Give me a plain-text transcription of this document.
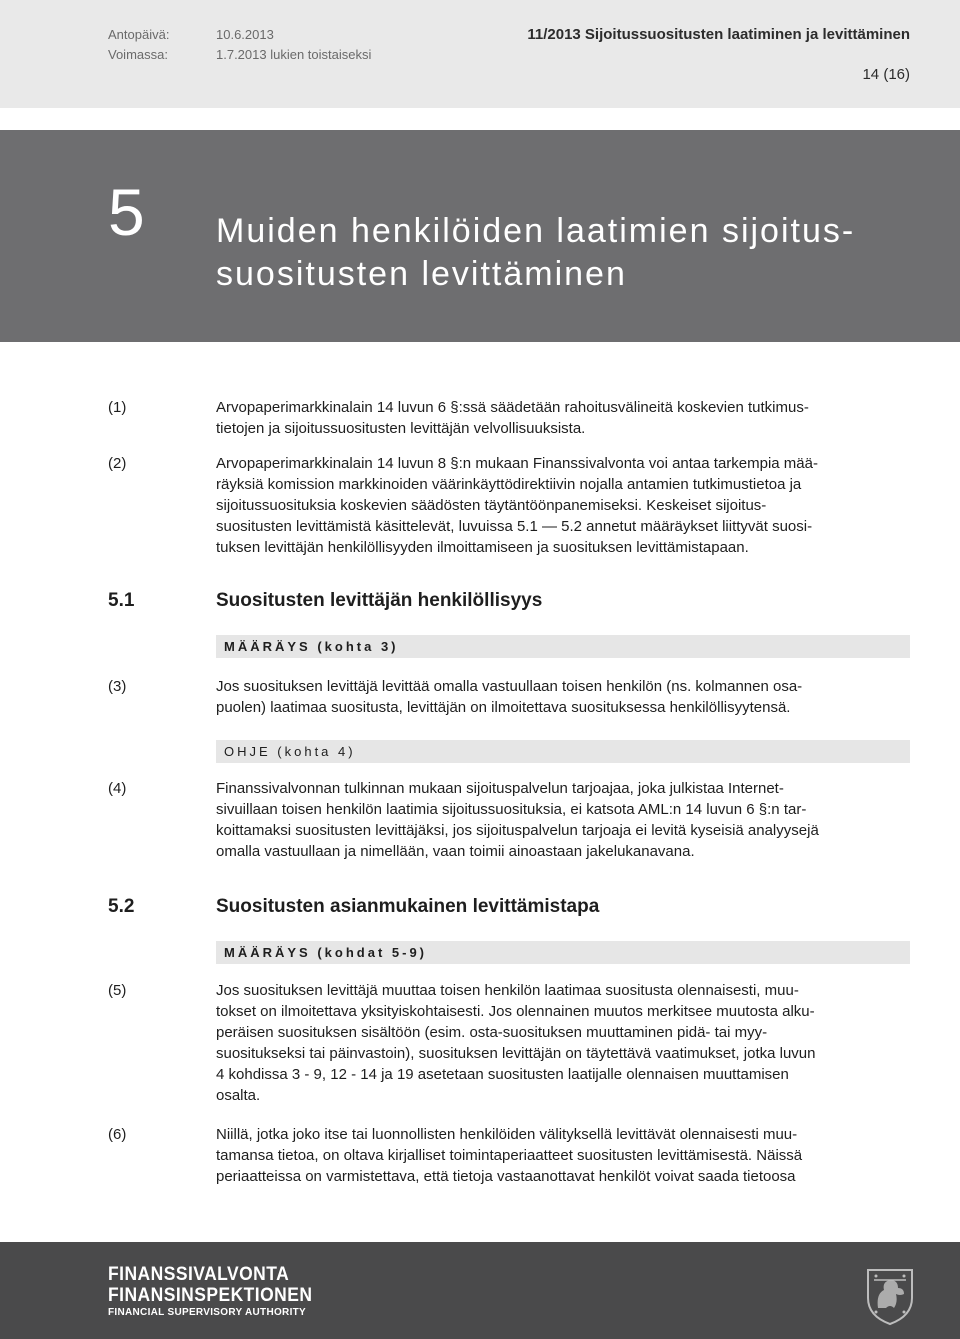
Antopäivä:	10.6.2013
Voimassa:	1.7.2013 lukien toistaiseksi
11/2013 Sijoitussuositusten laatiminen ja levittäminen
14 (16)
5 Muiden henkilöiden laatimien sijoitus-
suositusten levittäminen
(1)	Arvopaperimarkkinalain 14 luvun 6 §:ssä säädetään rahoitusvälineitä koskevien tutkimus-
tietojen ja sijoitussuositusten levittäjän velvollisuuksista.
(2)	Arvopaperimarkkinalain 14 luvun 8 §:n mukaan Finanssivalvonta voi antaa tarkempia mää-
räyksiä komission markkinoiden väärinkäyttödirektiivin nojalla antamien tutkimustietoa ja
sijoitussuosituksia koskevien säädösten täytäntöönpanemiseksi. Keskeiset sijoitus-
suositusten levittämistä käsittelevät, luvuissa 5.1 — 5.2 annetut määräykset liittyvät suosi-
tuksen levittäjän henkilöllisyyden ilmoittamiseen ja suosituksen levittämistapaan.
5.1	Suositusten levittäjän henkilöllisyys
MÄÄRÄYS (kohta 3)
(3)	Jos suosituksen levittäjä levittää omalla vastuullaan toisen henkilön (ns. kolmannen osa-
puolen) laatimaa suositusta, levittäjän on ilmoitettava suosituksessa henkilöllisyytensä.
OHJE (kohta 4)
(4)	Finanssivalvonnan tulkinnan mukaan sijoituspalvelun tarjoajaa, joka julkistaa Internet-
sivuillaan toisen henkilön laatimia sijoitussuosituksia, ei katsota AML:n 14 luvun 6 §:n tar-
koittamaksi suositusten levittäjäksi, jos sijoituspalvelun tarjoaja ei levitä kyseisiä analyysejä
omalla vastuullaan ja nimellään, vaan toimii ainoastaan jakelukanavana.
5.2	Suositusten asianmukainen levittämistapa
MÄÄRÄYS (kohdat 5-9)
(5)	Jos suosituksen levittäjä muuttaa toisen henkilön laatimaa suositusta olennaisesti, muu-
tokset on ilmoitettava yksityiskohtaisesti. Jos olennainen muutos merkitsee muutosta alku-
peräisen suosituksen sisältöön (esim. osta-suosituksen muuttaminen pidä- tai myy-
suositukseksi tai päinvastoin), suosituksen levittäjän on täytettävä vaatimukset, jotka luvun
4 kohdissa 3 - 9, 12 - 14 ja 19 asetetaan suositusten laatijalle olennaisen muuttamisen
osalta.
(6)	Niillä, jotka joko itse tai luonnollisten henkilöiden välityksellä levittävät olennaisesti muu-
tamansa tietoa, on oltava kirjalliset toimintaperiaatteet suositusten levittämisestä. Näissä
periaatteissa on varmistettava, että tietoja vastaanottavat henkilöt voivat saada tietoosa
FINANSSIVALVONTA
FINANSINSPEKTIONEN
FINANCIAL SUPERVISORY AUTHORITY
